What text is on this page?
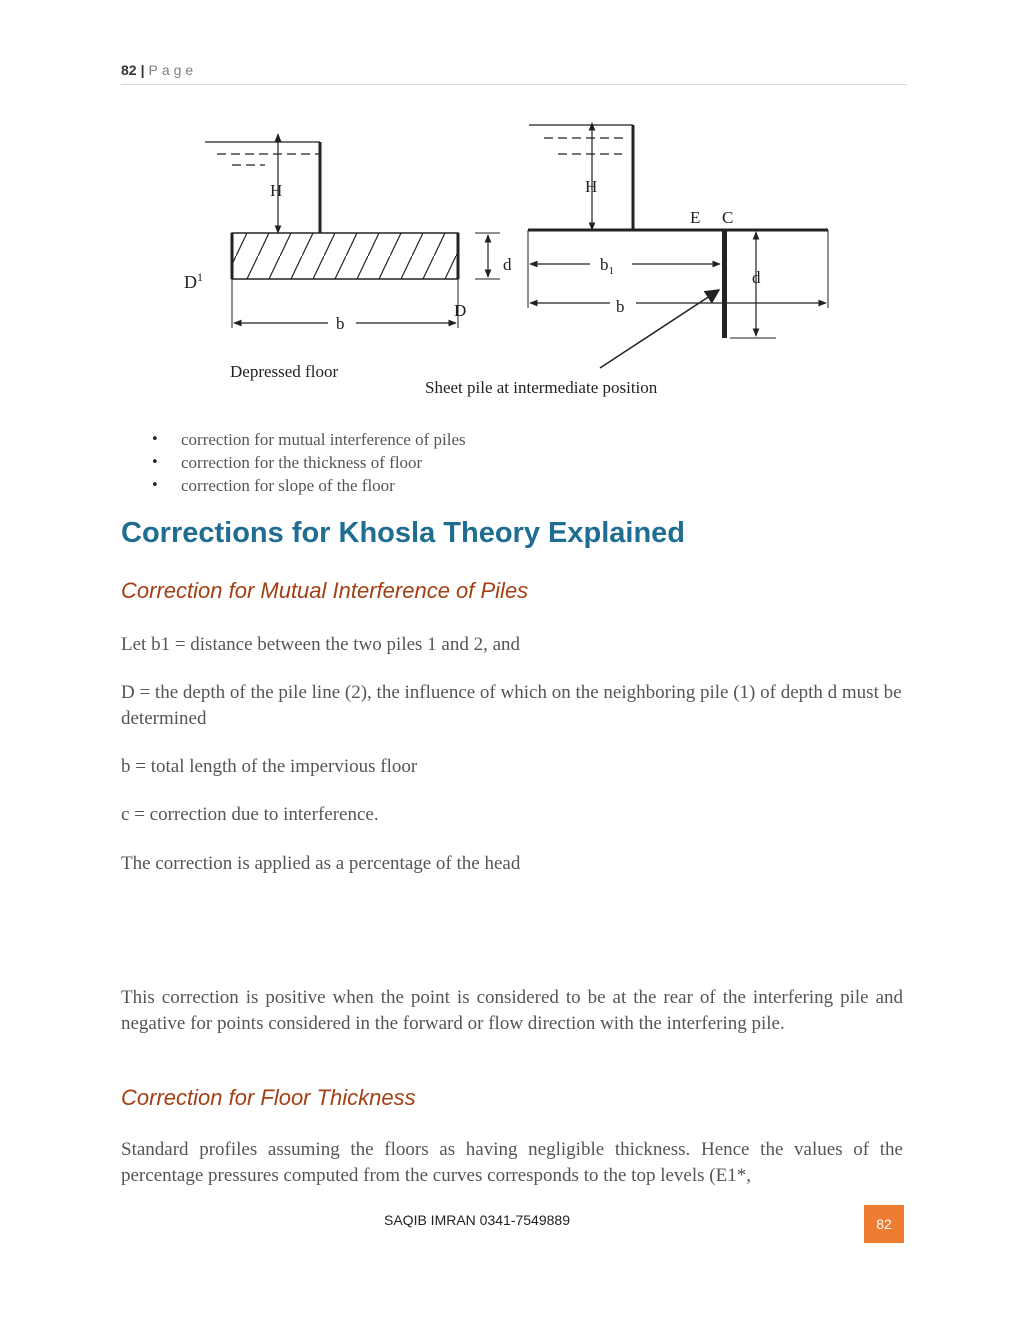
82 | Page
H
d
$D^1$
D
b
Depressed floor
H
E C
$b_1$
b
d
Sheet pile at intermediate position
• correction for mutual interference of piles
• correction for the thickness of floor
• correction for slope of the floor
Corrections for Khosla Theory Explained
Correction for Mutual Interference of Piles

Let b1 = distance between the two piles 1 and 2, and

D = the depth of the pile line (2), the influence of which on the neighboring pile (1) of depth d must be determined

b = total length of the impervious floor

c = correction due to interference.

The correction is applied as a percentage of the head

This correction is positive when the point is considered to be at the rear of the interfering pile and negative for points considered in the forward or flow direction with the interfering pile.

Correction for Floor Thickness

Standard profiles assuming the floors as having negligible thickness. Hence the values of the percentage pressures computed from the curves corresponds to the top levels (E1*,

SAQIB IMRAN 0341-7549889	82
